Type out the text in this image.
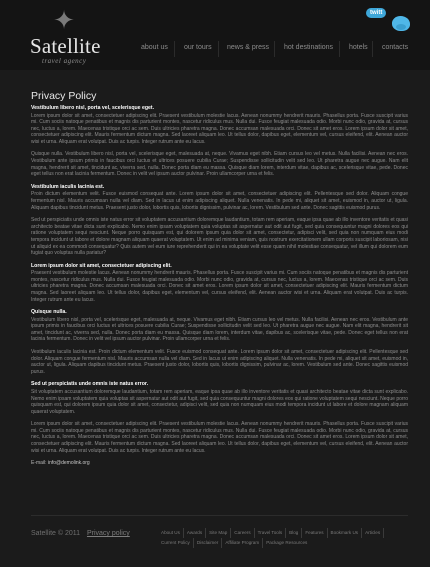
✦
Satellite
travel agency
twitt
about us our tours news & press hot destinations hotels contacts
Privacy Policy
Vestibulum libero nisl, porta vel, scelerisque eget.

Lorem ipsum dolor sit amet, consectetuer adipiscing elit. Praesent vestibulum molestie lacus. Aenean nonummy hendrerit mauris. Phasellus porta. Fusce suscipit varius mi. Cum sociis natoque penatibus et magnis dis parturient montes, nascetur ridiculus mus. Nulla dui. Fusce feugiat malesuada odio. Morbi nunc odio, gravida at, cursus nec, luctus a, lorem. Maecenas tristique orci ac sem. Duis ultricies pharetra magna. Donec accumsan malesuada orci. Donec sit amet eros. Lorem ipsum dolor sit amet, consectetuer adipiscing elit. Mauris fermentum dictum magna. Sed laoreet aliquam leo. Ut tellus dolor, dapibus eget, elementum vel, cursus eleifend, elit. Aenean auctor wisi et urna. Aliquam erat volutpat. Duis ac turpis. Integer rutrum ante eu lacus.

Quisque nulla. Vestibulum libero nisl, porta vel, scelerisque eget, malesuada at, neque. Vivamus eget nibh. Etiam cursus leo vel metus. Nulla facilisi. Aenean nec eros. Vestibulum ante ipsum primis in faucibus orci luctus et ultrices posuere cubilia Curae; Suspendisse sollicitudin velit sed leo. Ut pharetra augue nec augue. Nam elit magna, hendrerit sit amet, tincidunt ac, viverra sed, nulla. Donec porta diam eu massa. Quisque diam lorem, interdum vitae, dapibus ac, scelerisque vitae, pede. Donec eget tellus non erat lacinia fermentum. Donec in velit vel ipsum auctor pulvinar. Proin ullamcorper urna et felis.

Vestibulum iaculis lacinia est.

Proin dictum elementum velit. Fusce euismod consequat ante. Lorem ipsum dolor sit amet, consectetuer adipiscing elit. Pellentesque sed dolor. Aliquam congue fermentum nisl. Mauris accumsan nulla vel diam. Sed in lacus ut enim adipiscing aliquet. Nulla venenatis. In pede mi, aliquet sit amet, euismod in, auctor ut, ligula. Aliquam dapibus tincidunt metus. Praesent justo dolor, lobortis quis, lobortis dignissim, pulvinar ac, lorem. Vestibulum sed ante. Donec sagittis euismod purus.

Sed ut perspiciatis unde omnis iste natus error sit voluptatem accusantium doloremque laudantium, totam rem aperiam, eaque ipsa quae ab illo inventore veritatis et quasi architecto beatae vitae dicta sunt explicabo. Nemo enim ipsam voluptatem quia voluptas sit aspernatur aut odit aut fugit, sed quia consequuntur magni dolores eos qui ratione voluptatem sequi nesciunt. Neque porro quisquam est, qui dolorem ipsum quia dolor sit amet, consectetur, adipisci velit, sed quia non numquam eius modi tempora incidunt ut labore et dolore magnam aliquam quaerat voluptatem. Ut enim ad minima veniam, quis nostrum exercitationem ullam corporis suscipit laboriosam, nisi ut aliquid ex ea commodi consequatur? Quis autem vel eum iure reprehenderit qui in ea voluptate velit esse quam nihil molestiae consequatur, vel illum qui dolorem eum fugiat quo voluptas nulla pariatur?

Lorem ipsum dolor sit amet, consectetuer adipiscing elit.

Praesent vestibulum molestie lacus. Aenean nonummy hendrerit mauris. Phasellus porta. Fusce suscipit varius mi. Cum sociis natoque penatibus et magnis dis parturient montes, nascetur ridiculus mus. Nulla dui. Fusce feugiat malesuada odio. Morbi nunc odio, gravida at, cursus nec, luctus a, lorem. Maecenas tristique orci ac sem. Duis ultricies pharetra magna. Donec accumsan malesuada orci. Donec sit amet eros. Lorem ipsum dolor sit amet, consectetuer adipiscing elit. Mauris fermentum dictum magna. Sed laoreet aliquam leo. Ut tellus dolor, dapibus eget, elementum vel, cursus eleifend, elit. Aenean auctor wisi et urna. Aliquam erat volutpat. Duis ac turpis. Integer rutrum ante eu lacus.

Quisque nulla.

Vestibulum libero nisl, porta vel, scelerisque eget, malesuada at, neque. Vivamus eget nibh. Etiam cursus leo vel metus. Nulla facilisi. Aenean nec eros. Vestibulum ante ipsum primis in faucibus orci luctus et ultrices posuere cubilia Curae; Suspendisse sollicitudin velit sed leo. Ut pharetra augue nec augue. Nam elit magna, hendrerit sit amet, tincidunt ac, viverra sed, nulla. Donec porta diam eu massa. Quisque diam lorem, interdum vitae, dapibus ac, scelerisque vitae, pede. Donec eget tellus non erat lacinia fermentum. Donec in velit vel ipsum auctor pulvinar. Proin ullamcorper urna et felis.

Vestibulum iaculis lacinia est. Proin dictum elementum velit. Fusce euismod consequat ante. Lorem ipsum dolor sit amet, consectetuer adipiscing elit. Pellentesque sed dolor. Aliquam congue fermentum nisl. Mauris accumsan nulla vel diam. Sed in lacus ut enim adipiscing aliquet. Nulla venenatis. In pede mi, aliquet sit amet, euismod in, auctor ut, ligula. Aliquam dapibus tincidunt metus. Praesent justo dolor, lobortis quis, lobortis dignissim, pulvinar ac, lorem. Vestibulum sed ante. Donec sagittis euismod purus.

Sed ut perspiciatis unde omnis iste natus error.

Sit voluptatem accusantium doloremque laudantium, totam rem aperiam, eaque ipsa quae ab illo inventore veritatis et quasi architecto beatae vitae dicta sunt explicabo. Nemo enim ipsam voluptatem quia voluptas sit aspernatur aut odit aut fugit, sed quia consequuntur magni dolores eos qui ratione voluptatem sequi nesciunt. Neque porro quisquam est, qui dolorem ipsum quia dolor sit amet, consectetur, adipisci velit, sed quia non numquam eius modi tempora incidunt ut labore et dolore magnam aliquam quaerat voluptatem.

Lorem ipsum dolor sit amet, consectetuer adipiscing elit. Praesent vestibulum molestie lacus. Aenean nonummy hendrerit mauris. Phasellus porta. Fusce suscipit varius mi. Cum sociis natoque penatibus et magnis dis parturient montes, nascetur ridiculus mus. Nulla dui. Fusce feugiat malesuada odio. Morbi nunc odio, gravida at, cursus nec, luctus a, lorem. Maecenas tristique orci ac sem. Duis ultricies pharetra magna. Donec accumsan malesuada orci. Donec sit amet eros. Lorem ipsum dolor sit amet, consectetuer adipiscing elit. Mauris fermentum dictum magna. Sed laoreet aliquam leo. Ut tellus dolor, dapibus eget, elementum vel, cursus eleifend, elit. Aenean auctor wisi et urna. Aliquam erat volutpat. Duis ac turpis. Integer rutrum ante eu lacus.

E-mail: info@demolink.org
Satellite © 2011 Privacy policy	About Us Awards Site Map Careers Travel Tools Blog Features Bookmark Us Articles
Current Policy Disclaimer Affiliate Program Package Resources
